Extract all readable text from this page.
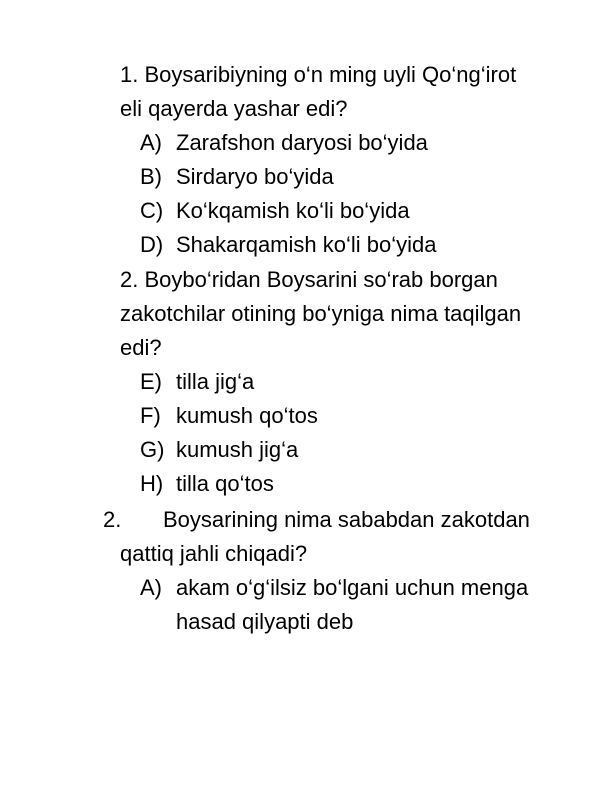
1. Boysaribiyning o‘n ming uyli Qo‘ng‘irot
eli qayerda yashar edi?
A) Zarafshon daryosi bo‘yida
B) Sirdaryo bo‘yida
C) Ko‘kqamish ko‘li bo‘yida
D) Shakarqamish ko‘li bo‘yida
2. Boybo‘ridan Boysarini so‘rab borgan
zakotchilar otining bo‘yniga nima taqilgan
edi?
E) tilla jig‘a
F) kumush qo‘tos
G) kumush jig‘a
H) tilla qo‘tos
2. Boysarining nima sababdan zakotdan
qattiq jahli chiqadi?
A) akam o‘g‘ilsiz bo‘lgani uchun menga
hasad qilyapti deb
